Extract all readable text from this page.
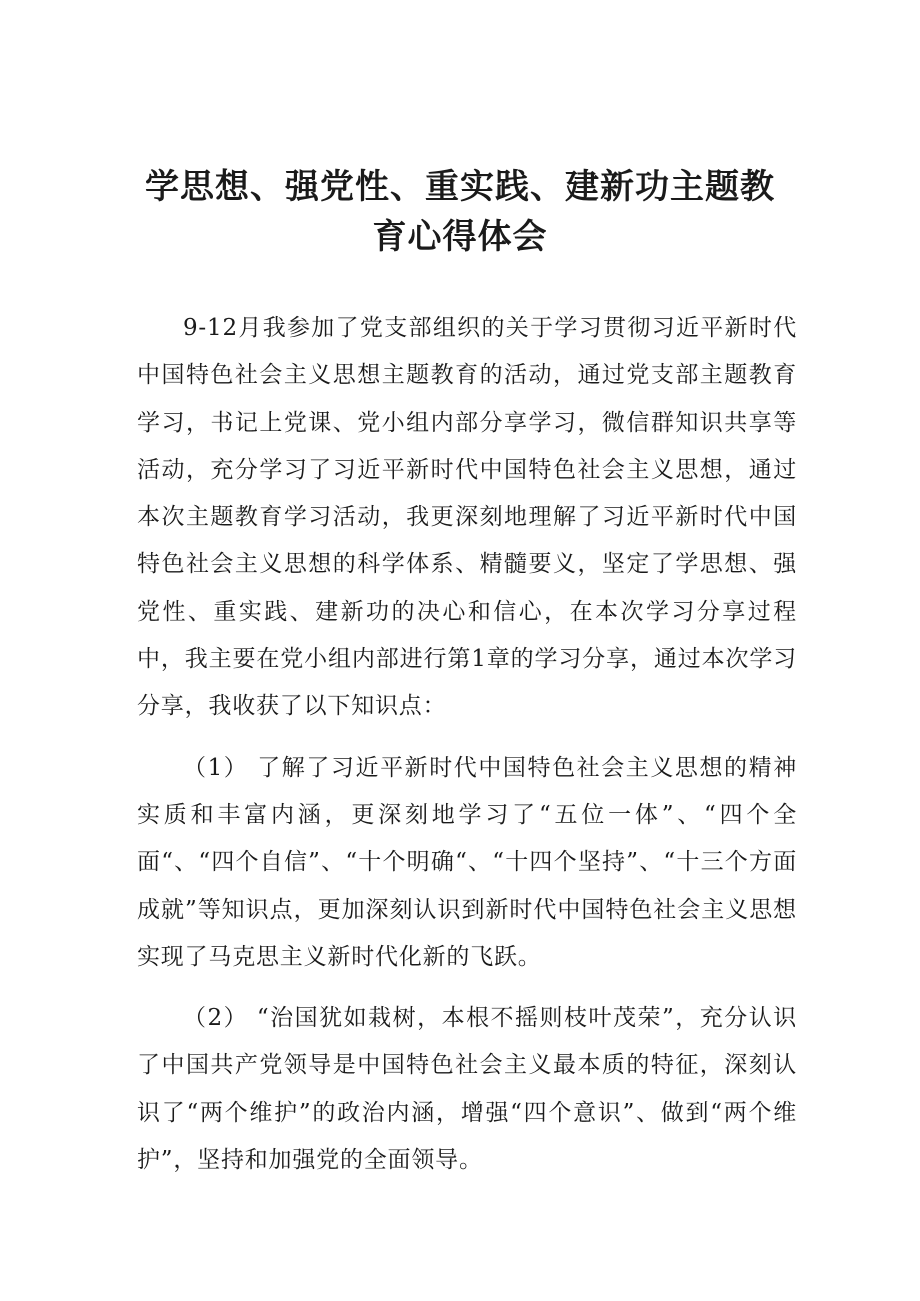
学思想、强党性、重实践、建新功主题教
育心得体会

9-12月我参加了党支部组织的关于学习贯彻习近平新时代中国特色社会主义思想主题教育的活动，通过党支部主题教育学习，书记上党课、党小组内部分享学习，微信群知识共享等活动，充分学习了习近平新时代中国特色社会主义思想，通过本次主题教育学习活动，我更深刻地理解了习近平新时代中国特色社会主义思想的科学体系、精髓要义，坚定了学思想、强党性、重实践、建新功的决心和信心，在本次学习分享过程中，我主要在党小组内部进行第1章的学习分享，通过本次学习分享，我收获了以下知识点：

（1） 了解了习近平新时代中国特色社会主义思想的精神实质和丰富内涵，更深刻地学习了“五位一体”、“四个全面“、“四个自信”、“十个明确“、“十四个坚持”、“十三个方面成就”等知识点，更加深刻认识到新时代中国特色社会主义思想实现了马克思主义新时代化新的飞跃。

（2） “治国犹如栽树，本根不摇则枝叶茂荣”，充分认识了中国共产党领导是中国特色社会主义最本质的特征，深刻认识了“两个维护”的政治内涵，增强“四个意识”、做到“两个维护”，坚持和加强党的全面领导。
